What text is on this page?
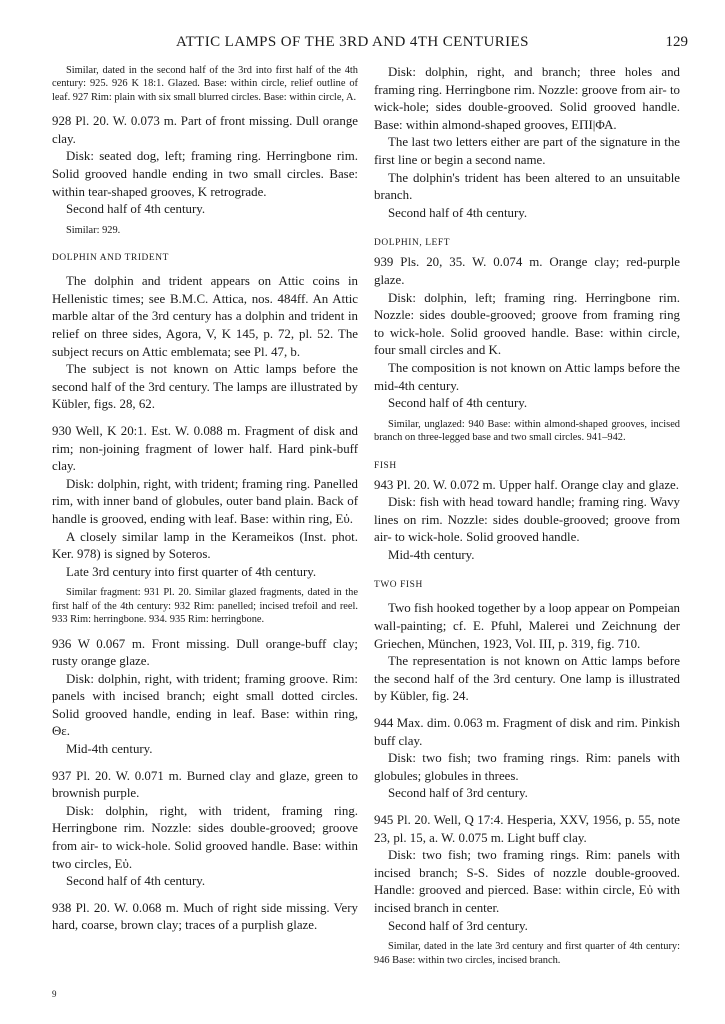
ATTIC LAMPS OF THE 3RD AND 4TH CENTURIES	129

Similar, dated in the second half of the 3rd into first half of the 4th century: 925. 926 K 18:1. Glazed. Base: within circle, relief outline of leaf. 927 Rim: plain with six small blurred circles. Base: within circle, A.

928 Pl. 20. W. 0.073 m. Part of front missing. Dull orange clay.

Disk: seated dog, left; framing ring. Herringbone rim. Solid grooved handle ending in two small circles. Base: within tear-shaped grooves, K retrograde.

Second half of 4th century.

Similar: 929.

DOLPHIN AND TRIDENT

The dolphin and trident appears on Attic coins in Hellenistic times; see B.M.C. Attica, nos. 484ff. An Attic marble altar of the 3rd century has a dolphin and trident in relief on three sides, Agora, V, K 145, p. 72, pl. 52. The subject recurs on Attic emblemata; see Pl. 47, b.

The subject is not known on Attic lamps before the second half of the 3rd century. The lamps are illustrated by Kübler, figs. 28, 62.

930 Well, K 20:1. Est. W. 0.088 m. Fragment of disk and rim; non-joining fragment of lower half. Hard pink-buff clay.

Disk: dolphin, right, with trident; framing ring. Panelled rim, with inner band of globules, outer band plain. Back of handle is grooved, ending with leaf. Base: within ring, Εὐ.

A closely similar lamp in the Kerameikos (Inst. phot. Ker. 978) is signed by Soteros.

Late 3rd century into first quarter of 4th century.

Similar fragment: 931 Pl. 20. Similar glazed fragments, dated in the first half of the 4th century: 932 Rim: panelled; incised trefoil and reel. 933 Rim: herringbone. 934. 935 Rim: herringbone.

936 W 0.067 m. Front missing. Dull orange-buff clay; rusty orange glaze.

Disk: dolphin, right, with trident; framing groove. Rim: panels with incised branch; eight small dotted circles. Solid grooved handle, ending in leaf. Base: within ring, Θε.

Mid-4th century.

937 Pl. 20. W. 0.071 m. Burned clay and glaze, green to brownish purple.

Disk: dolphin, right, with trident, framing ring. Herringbone rim. Nozzle: sides double-grooved; groove from air- to wick-hole. Solid grooved handle. Base: within two circles, Εὐ.

Second half of 4th century.

938 Pl. 20. W. 0.068 m. Much of right side missing. Very hard, coarse, brown clay; traces of a purplish glaze.

Disk: dolphin, right, and branch; three holes and framing ring. Herringbone rim. Nozzle: groove from air- to wick-hole; sides double-grooved. Solid grooved handle. Base: within almond-shaped grooves, ΕΠΙ|ΦΑ.

The last two letters either are part of the signature in the first line or begin a second name.

The dolphin's trident has been altered to an unsuitable branch.

Second half of 4th century.

DOLPHIN, LEFT

939 Pls. 20, 35. W. 0.074 m. Orange clay; red-purple glaze.

Disk: dolphin, left; framing ring. Herringbone rim. Nozzle: sides double-grooved; groove from framing ring to wick-hole. Solid grooved handle. Base: within circle, four small circles and K.

The composition is not known on Attic lamps before the mid-4th century.

Second half of 4th century.

Similar, unglazed: 940 Base: within almond-shaped grooves, incised branch on three-legged base and two small circles. 941–942.

FISH

943 Pl. 20. W. 0.072 m. Upper half. Orange clay and glaze.

Disk: fish with head toward handle; framing ring. Wavy lines on rim. Nozzle: sides double-grooved; groove from air- to wick-hole. Solid grooved handle.

Mid-4th century.

TWO FISH

Two fish hooked together by a loop appear on Pompeian wall-painting; cf. E. Pfuhl, Malerei und Zeichnung der Griechen, München, 1923, Vol. III, p. 319, fig. 710.

The representation is not known on Attic lamps before the second half of the 3rd century. One lamp is illustrated by Kübler, fig. 24.

944 Max. dim. 0.063 m. Fragment of disk and rim. Pinkish buff clay.

Disk: two fish; two framing rings. Rim: panels with globules; globules in threes.

Second half of 3rd century.

945 Pl. 20. Well, Q 17:4. Hesperia, XXV, 1956, p. 55, note 23, pl. 15, a. W. 0.075 m. Light buff clay.

Disk: two fish; two framing rings. Rim: panels with incised branch; S-S. Sides of nozzle double-grooved. Handle: grooved and pierced. Base: within circle, Εὐ with incised branch in center.

Second half of 3rd century.

Similar, dated in the late 3rd century and first quarter of 4th century: 946 Base: within two circles, incised branch.

9
